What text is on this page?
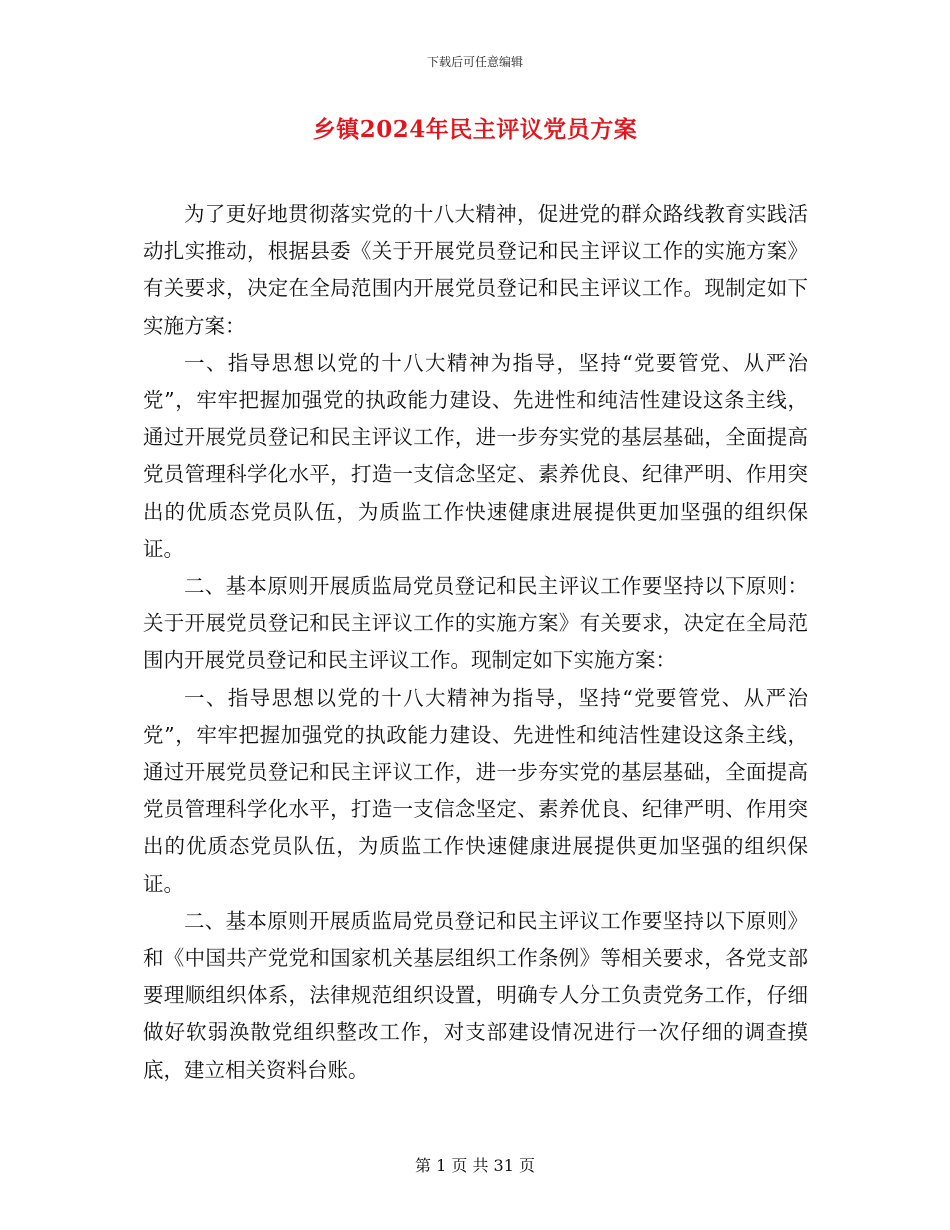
下载后可任意编辑
乡镇2024年民主评议党员方案

为了更好地贯彻落实党的十八大精神，促进党的群众路线教育实践活动扎实推动，根据县委《关于开展党员登记和民主评议工作的实施方案》有关要求，决定在全局范围内开展党员登记和民主评议工作。现制定如下实施方案：

一、指导思想以党的十八大精神为指导，坚持“党要管党、从严治党”，牢牢把握加强党的执政能力建设、先进性和纯洁性建设这条主线，通过开展党员登记和民主评议工作，进一步夯实党的基层基础，全面提高党员管理科学化水平，打造一支信念坚定、素养优良、纪律严明、作用突出的优质态党员队伍，为质监工作快速健康进展提供更加坚强的组织保证。

二、基本原则开展质监局党员登记和民主评议工作要坚持以下原则：关于开展党员登记和民主评议工作的实施方案》有关要求，决定在全局范围内开展党员登记和民主评议工作。现制定如下实施方案：

一、指导思想以党的十八大精神为指导，坚持“党要管党、从严治党”，牢牢把握加强党的执政能力建设、先进性和纯洁性建设这条主线，通过开展党员登记和民主评议工作，进一步夯实党的基层基础，全面提高党员管理科学化水平，打造一支信念坚定、素养优良、纪律严明、作用突出的优质态党员队伍，为质监工作快速健康进展提供更加坚强的组织保证。

二、基本原则开展质监局党员登记和民主评议工作要坚持以下原则》和《中国共产党党和国家机关基层组织工作条例》等相关要求，各党支部要理顺组织体系，法律规范组织设置，明确专人分工负责党务工作，仔细做好软弱涣散党组织整改工作，对支部建设情况进行一次仔细的调查摸底，建立相关资料台账。

第 1 页 共 31 页
